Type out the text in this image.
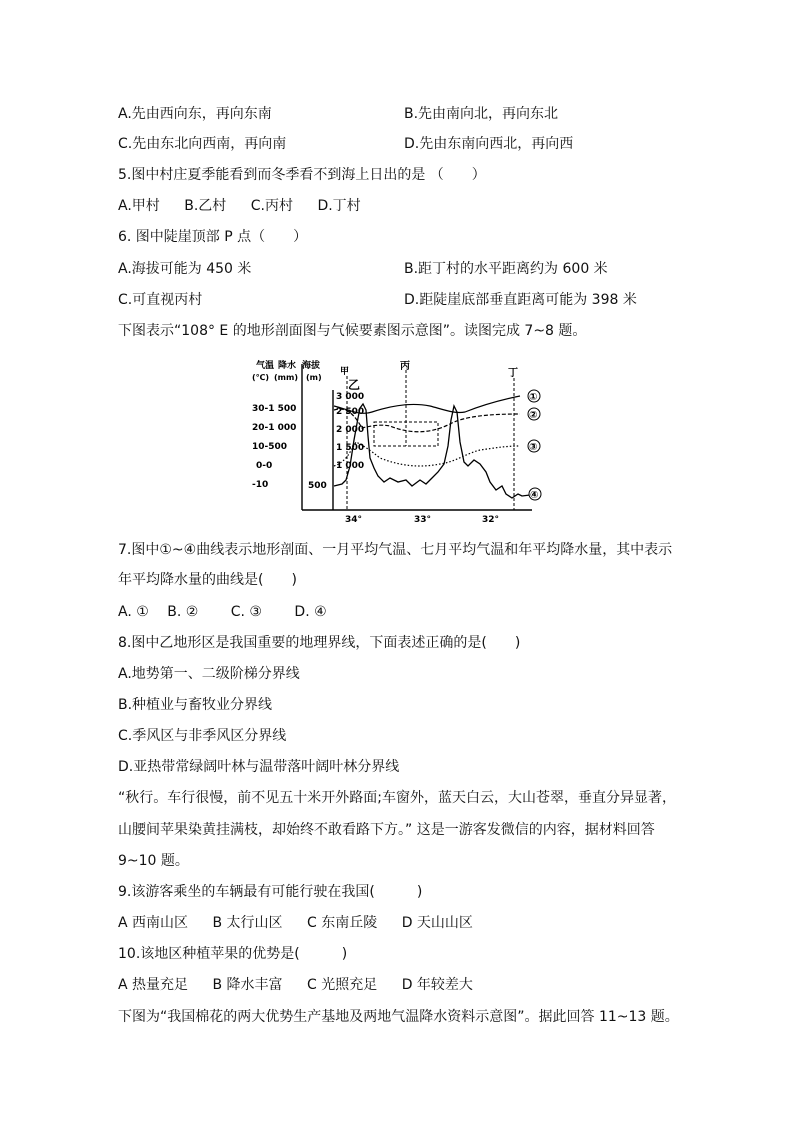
A.先由西向东，再向东南	B.先由南向北，再向东北
C.先由东北向西南，再向南	D.先由东南向西北，再向西
5.图中村庄夏季能看到而冬季看不到海上日出的是 （　　）
A.甲村 B.乙村 C.丙村 D.丁村
6. 图中陡崖顶部 P 点（　　）
A.海拔可能为 450 米	B.距丁村的水平距离约为 600 米
C.可直视丙村	D.距陡崖底部垂直距离可能为 398 米
下图表示“108° E 的地形剖面图与气候要素图示意图”。读图完成 7~8 题。
气温 降水 海拔
(℃) (mm) (m)
30-1 500
20-1 000
10-500
0-0
-10
3 000
2 500
2 000
1 500
1 000
500
甲
乙
丙
丁
①
②
③
④
34°	33°	32°
7.图中①~④曲线表示地形剖面、一月平均气温、七月平均气温和年平均降水量，其中表示
年平均降水量的曲线是(　　)
A. ①　 B. ②　 　C. ③　 　D. ④
8.图中乙地形区是我国重要的地理界线，下面表述正确的是(　　)
A.地势第一、二级阶梯分界线
B.种植业与畜牧业分界线
C.季风区与非季风区分界线
D.亚热带常绿阔叶林与温带落叶阔叶林分界线
“秋行。车行很慢，前不见五十米开外路面;车窗外，蓝天白云，大山苍翠，垂直分异显著，
山腰间苹果染黄挂满枝，却始终不敢看路下方。” 这是一游客发微信的内容，据材料回答
9~10 题。
9.该游客乘坐的车辆最有可能行驶在我国(　　　)
A 西南山区 B 太行山区 C 东南丘陵 D 天山山区
10.该地区种植苹果的优势是(　　　)
A 热量充足 B 降水丰富 C 光照充足 D 年较差大
下图为“我国棉花的两大优势生产基地及两地气温降水资料示意图”。据此回答 11~13 题。
